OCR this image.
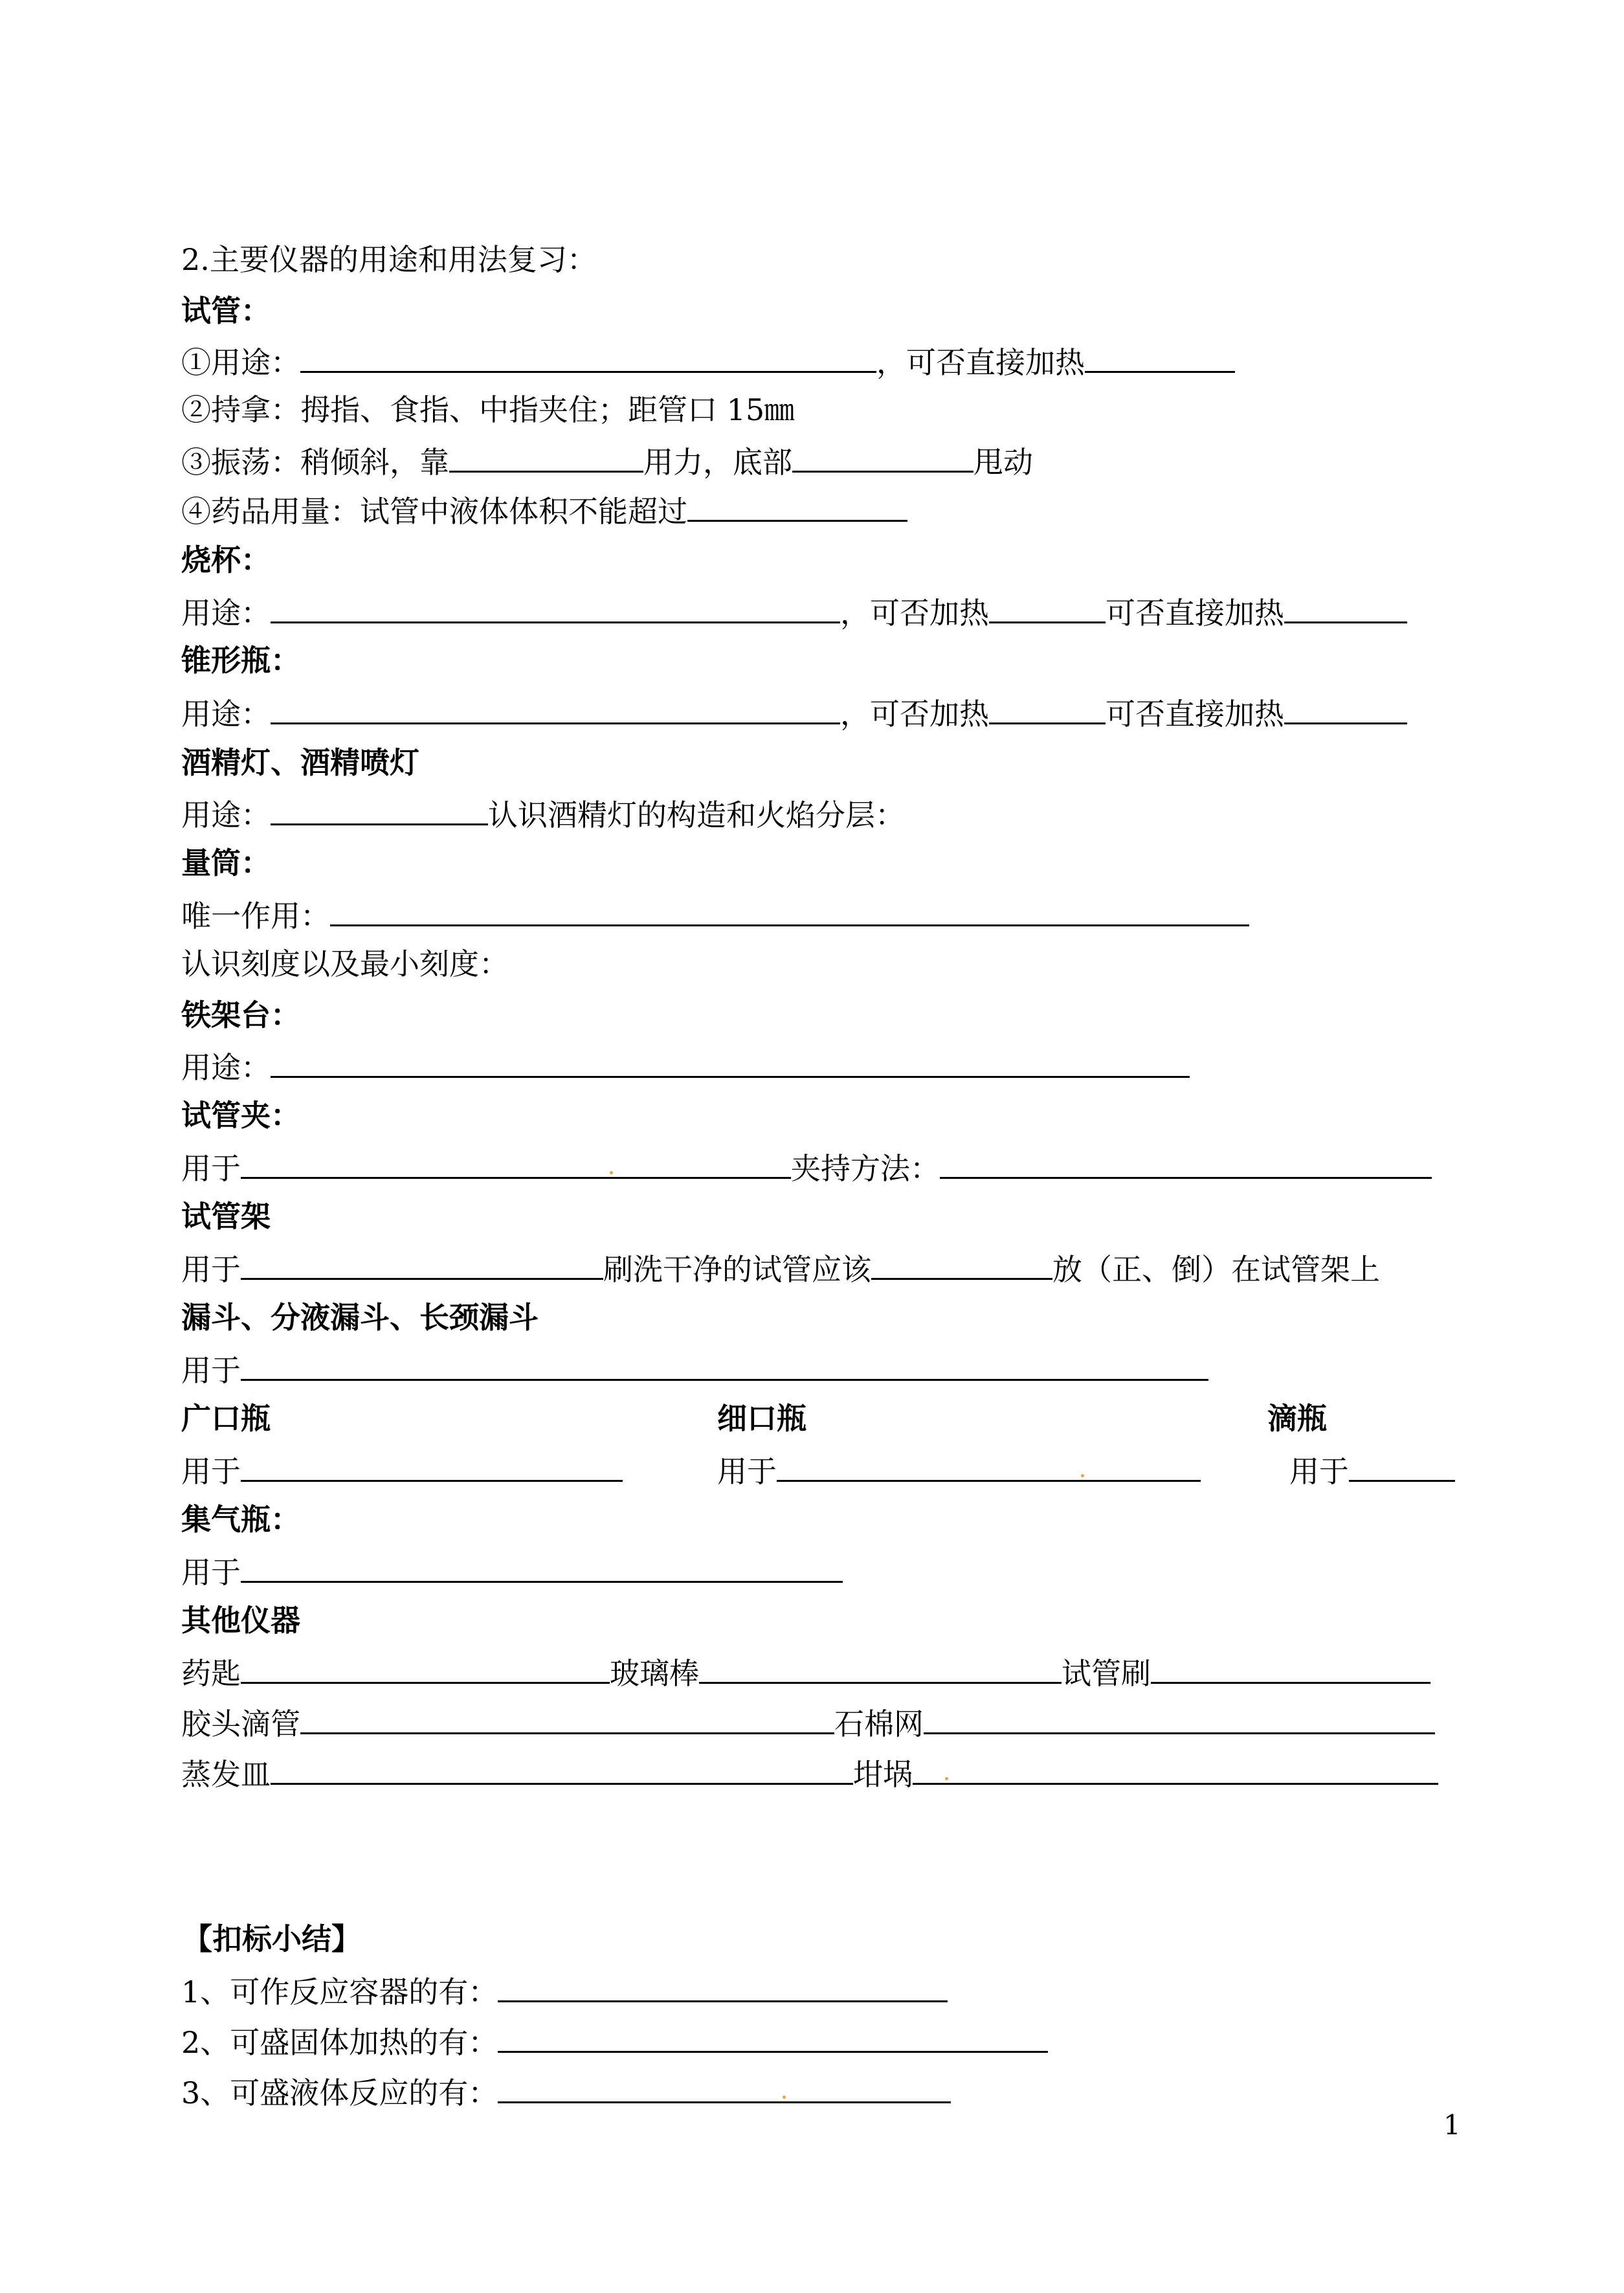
2.主要仪器的用途和用法复习：
试管：
①用途：	，可否直接加热
②持拿：拇指、食指、中指夹住；距管口 15㎜
③振荡：稍倾斜，靠	用力，底部	甩动
④药品用量：试管中液体体积不能超过
烧杯：
用途：	，可否加热	可否直接加热
锥形瓶：
用途：	，可否加热	可否直接加热
酒精灯、酒精喷灯
用途：	认识酒精灯的构造和火焰分层：
量筒：
唯一作用：
认识刻度以及最小刻度：
铁架台：
用途：
试管夹：
用于	夹持方法：
试管架
用于	刷洗干净的试管应该	放（正、倒）在试管架上
漏斗、分液漏斗、长颈漏斗
用于
广口瓶	细口瓶	滴瓶
用于	用于	用于
集气瓶：
用于
其他仪器
药匙	玻璃棒	试管刷
胶头滴管	石棉网
蒸发皿	坩埚
【扣标小结】
1、可作反应容器的有：
2、可盛固体加热的有：
3、可盛液体反应的有：
1
